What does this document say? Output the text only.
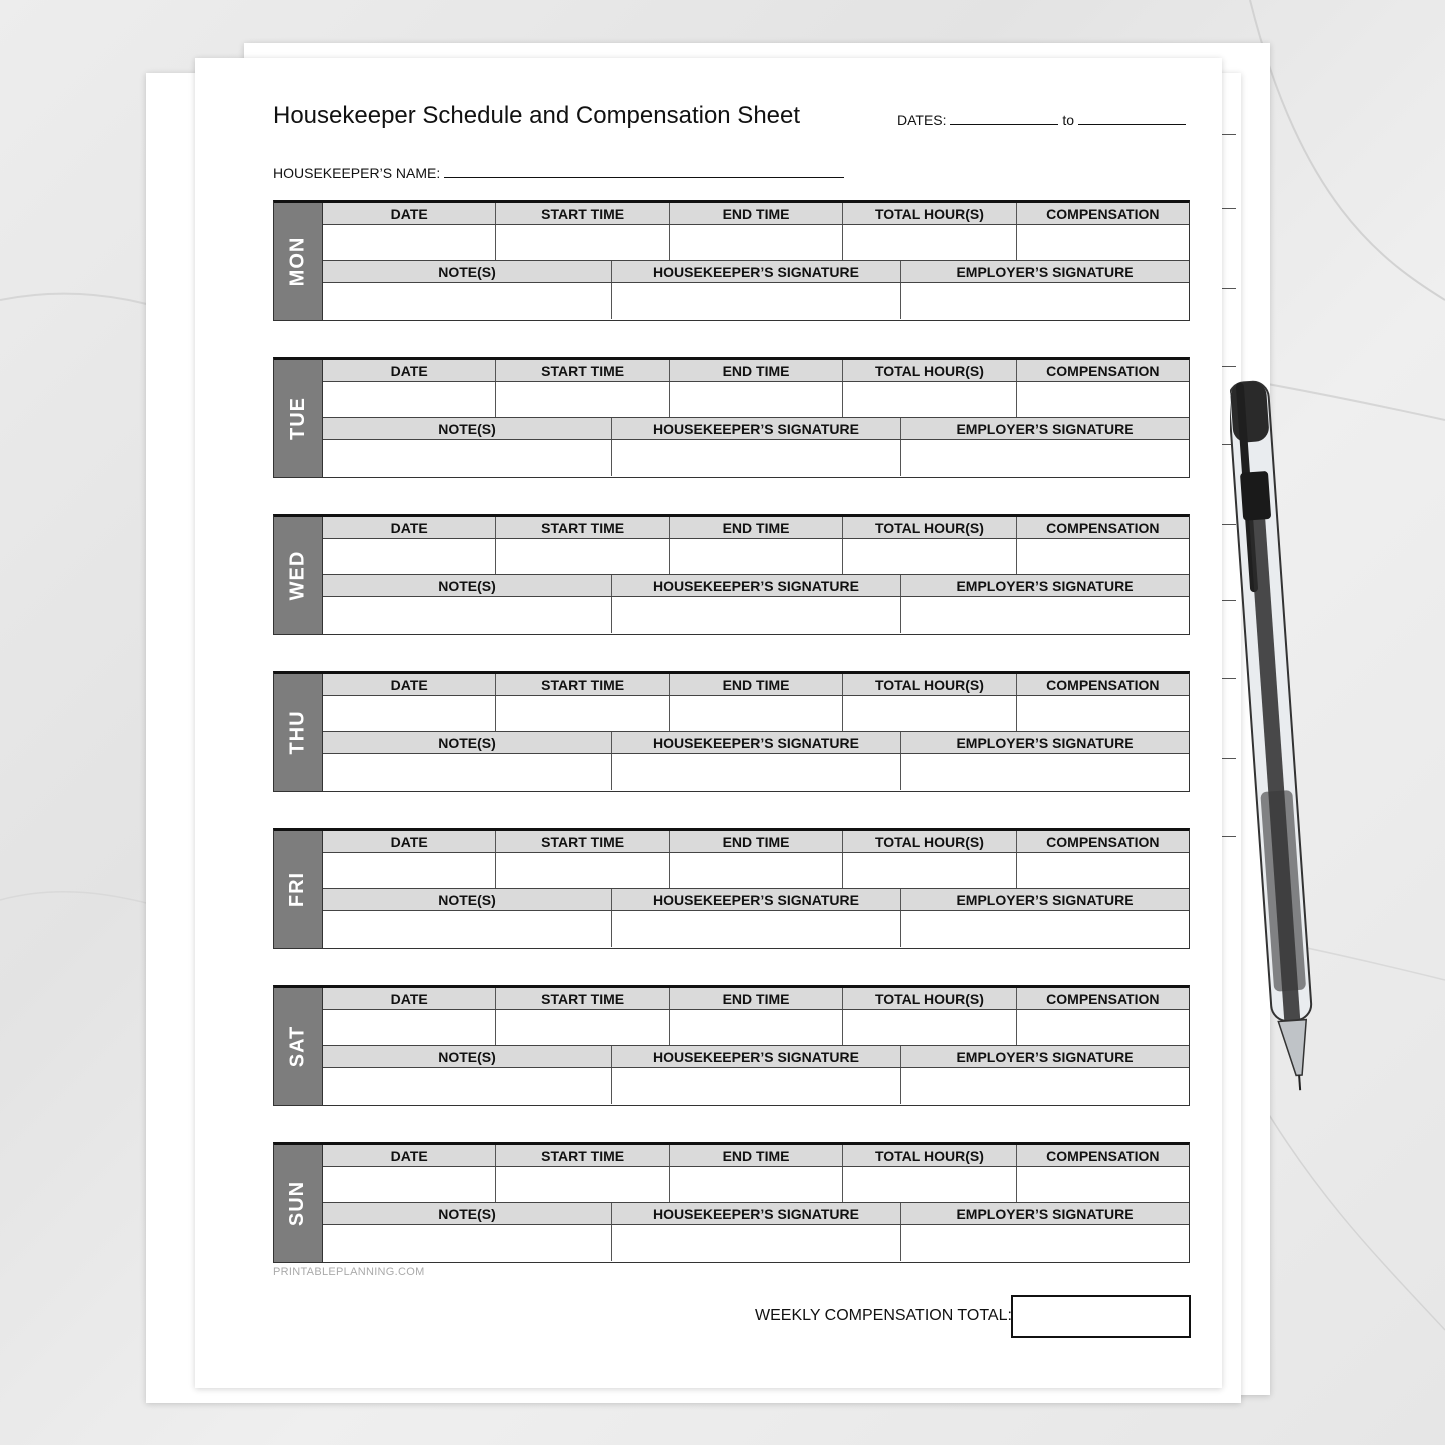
Housekeeper Schedule and Compensation Sheet	DATES:	to
HOUSEKEEPER’S NAME:
MON
DATE	START TIME	END TIME	TOTAL HOUR(S)	COMPENSATION
NOTE(S)	HOUSEKEEPER’S SIGNATURE	EMPLOYER’S SIGNATURE
TUE
DATE	START TIME	END TIME	TOTAL HOUR(S)	COMPENSATION
NOTE(S)	HOUSEKEEPER’S SIGNATURE	EMPLOYER’S SIGNATURE
WED
DATE	START TIME	END TIME	TOTAL HOUR(S)	COMPENSATION
NOTE(S)	HOUSEKEEPER’S SIGNATURE	EMPLOYER’S SIGNATURE
THU
DATE	START TIME	END TIME	TOTAL HOUR(S)	COMPENSATION
NOTE(S)	HOUSEKEEPER’S SIGNATURE	EMPLOYER’S SIGNATURE
FRI
DATE	START TIME	END TIME	TOTAL HOUR(S)	COMPENSATION
NOTE(S)	HOUSEKEEPER’S SIGNATURE	EMPLOYER’S SIGNATURE
SAT
DATE	START TIME	END TIME	TOTAL HOUR(S)	COMPENSATION
NOTE(S)	HOUSEKEEPER’S SIGNATURE	EMPLOYER’S SIGNATURE
SUN
DATE	START TIME	END TIME	TOTAL HOUR(S)	COMPENSATION
NOTE(S)	HOUSEKEEPER’S SIGNATURE	EMPLOYER’S SIGNATURE
PRINTABLEPLANNING.COM
WEEKLY COMPENSATION TOTAL:
